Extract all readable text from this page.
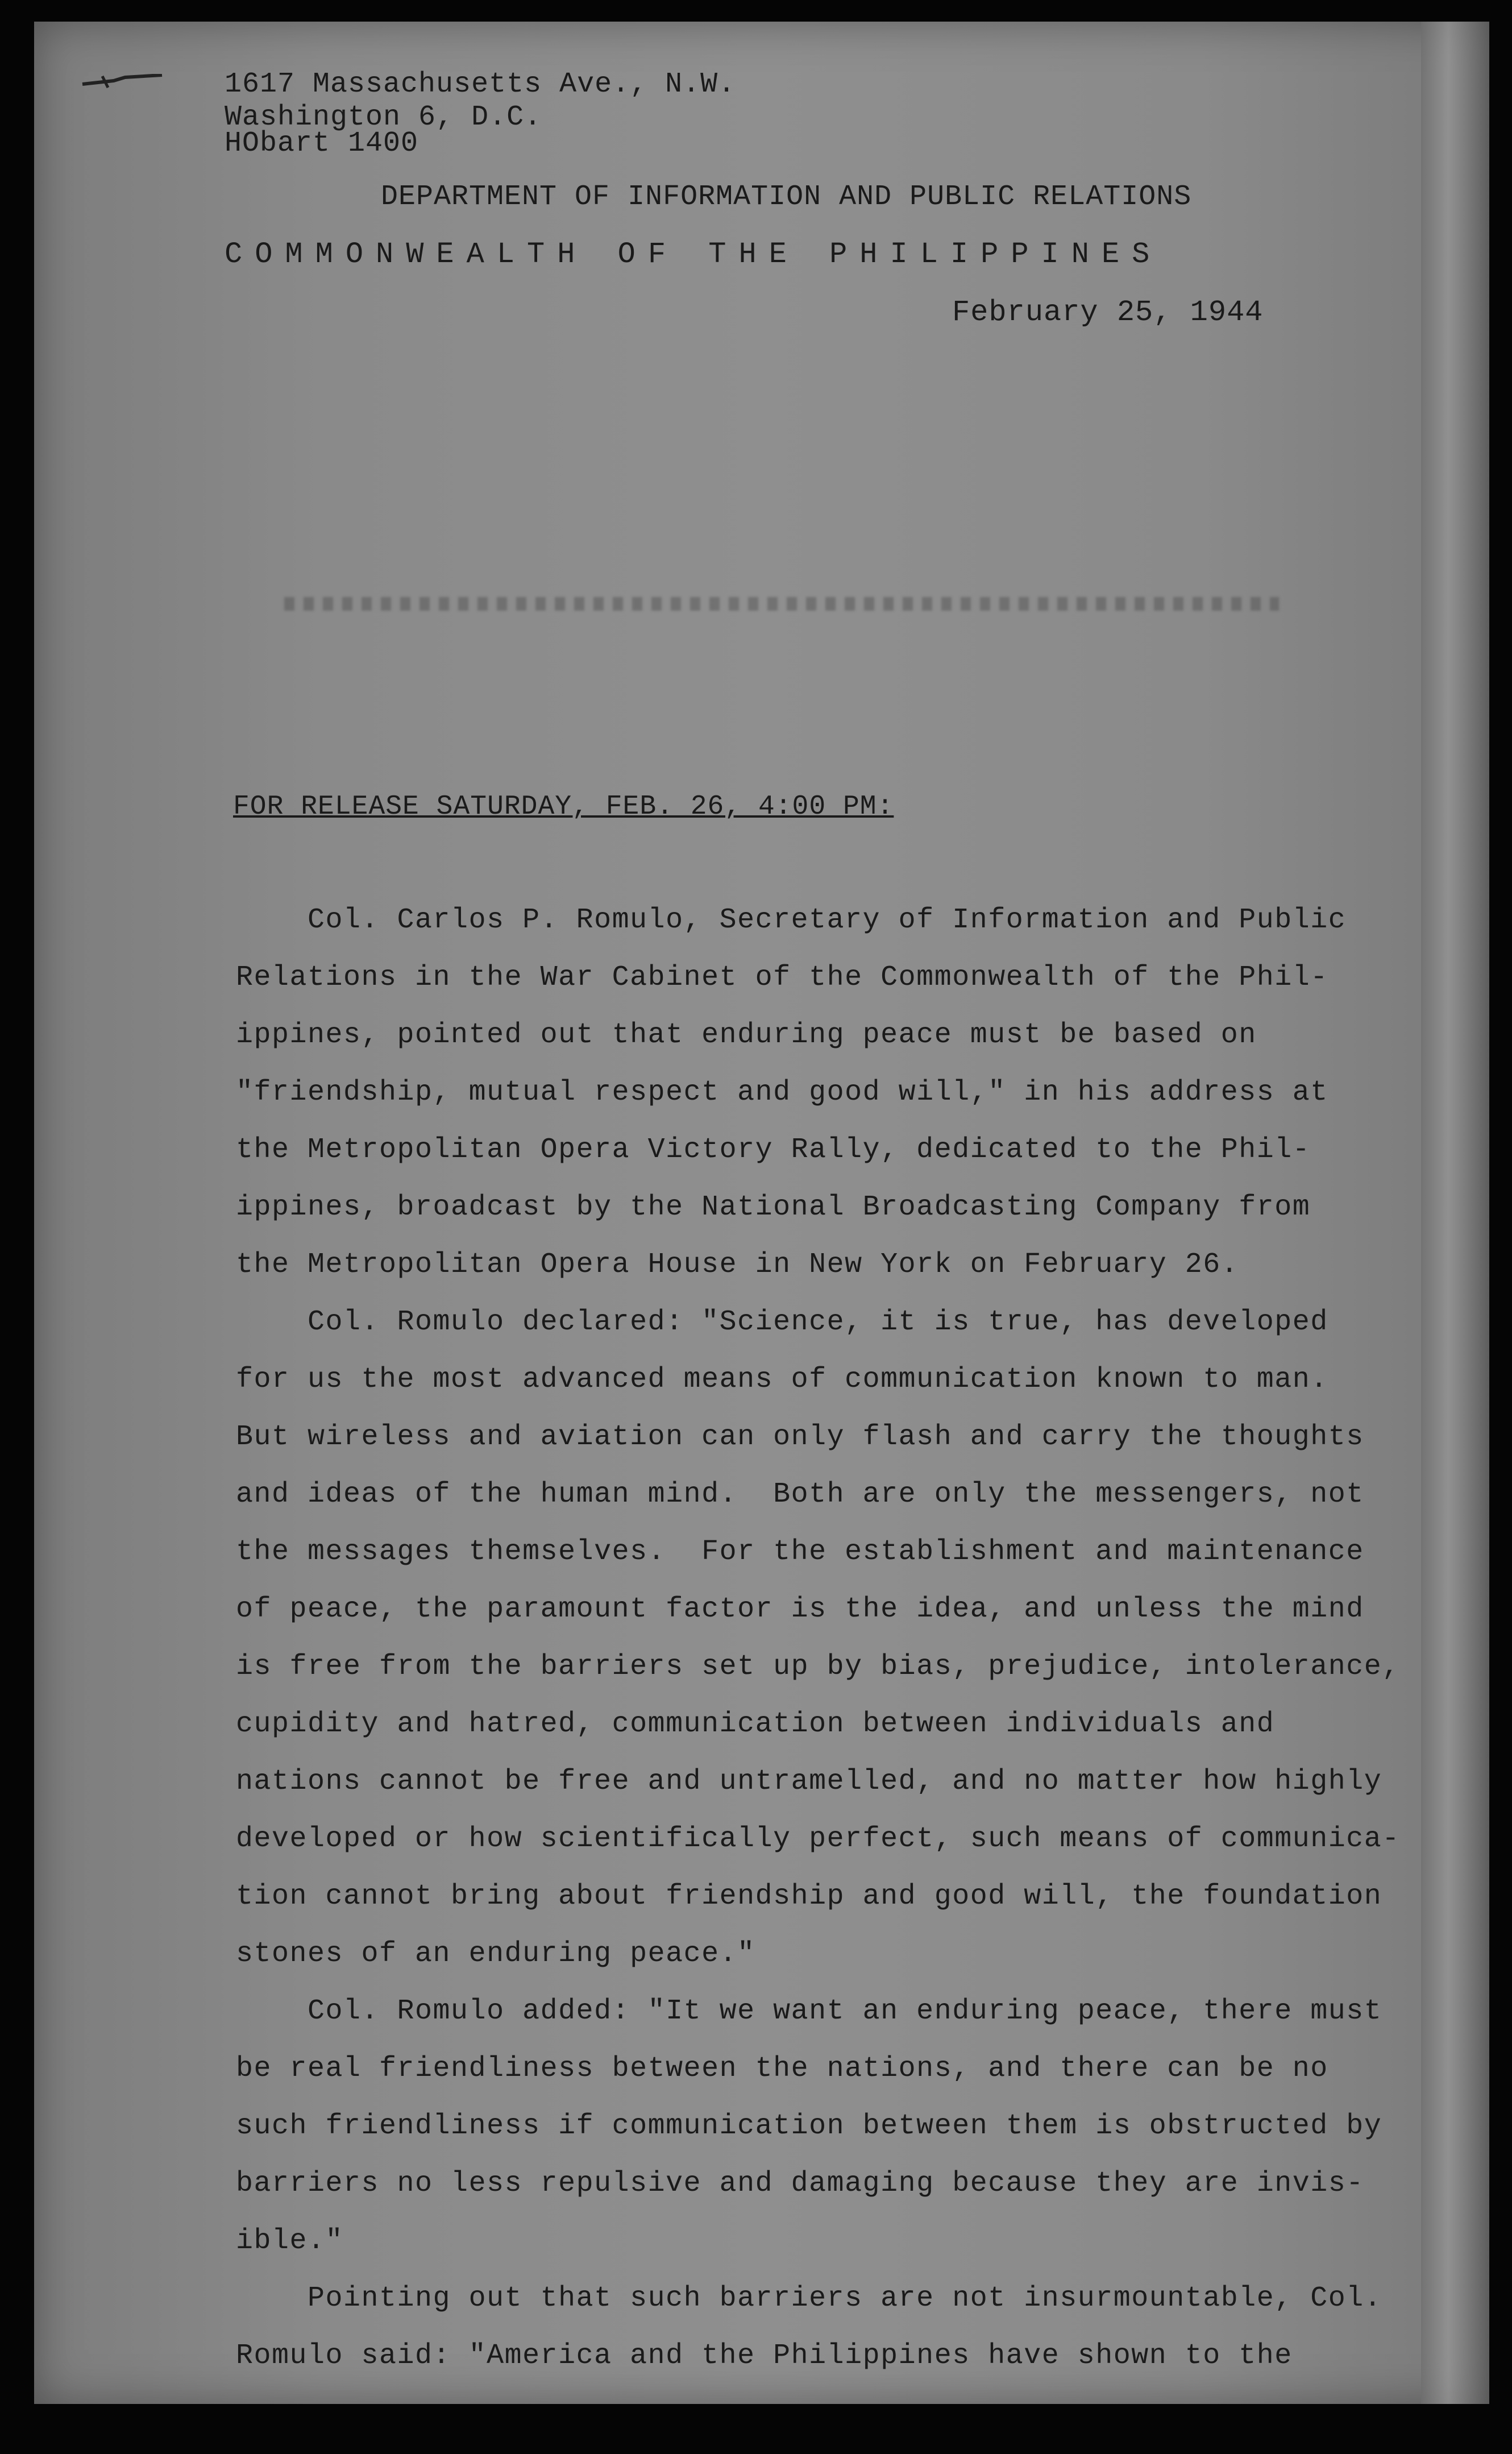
1617 Massachusetts Ave., N.W.
Washington 6, D.C.
HObart 1400
DEPARTMENT OF INFORMATION AND PUBLIC RELATIONS
COMMONWEALTH OF THE PHILIPPINES
February 25, 1944
FOR RELEASE SATURDAY, FEB. 26, 4:00 PM:
Col. Carlos P. Romulo, Secretary of Information and Public
Relations in the War Cabinet of the Commonwealth of the Phil-
ippines, pointed out that enduring peace must be based on
"friendship, mutual respect and good will," in his address at
the Metropolitan Opera Victory Rally, dedicated to the Phil-
ippines, broadcast by the National Broadcasting Company from
the Metropolitan Opera House in New York on February 26.
Col. Romulo declared: "Science, it is true, has developed
for us the most advanced means of communication known to man.
But wireless and aviation can only flash and carry the thoughts
and ideas of the human mind.  Both are only the messengers, not
the messages themselves.  For the establishment and maintenance
of peace, the paramount factor is the idea, and unless the mind
is free from the barriers set up by bias, prejudice, intolerance,
cupidity and hatred, communication between individuals and
nations cannot be free and untramelled, and no matter how highly
developed or how scientifically perfect, such means of communica-
tion cannot bring about friendship and good will, the foundation
stones of an enduring peace."
Col. Romulo added: "It we want an enduring peace, there must
be real friendliness between the nations, and there can be no
such friendliness if communication between them is obstructed by
barriers no less repulsive and damaging because they are invis-
ible."
Pointing out that such barriers are not insurmountable, Col.
Romulo said: "America and the Philippines have shown to the
